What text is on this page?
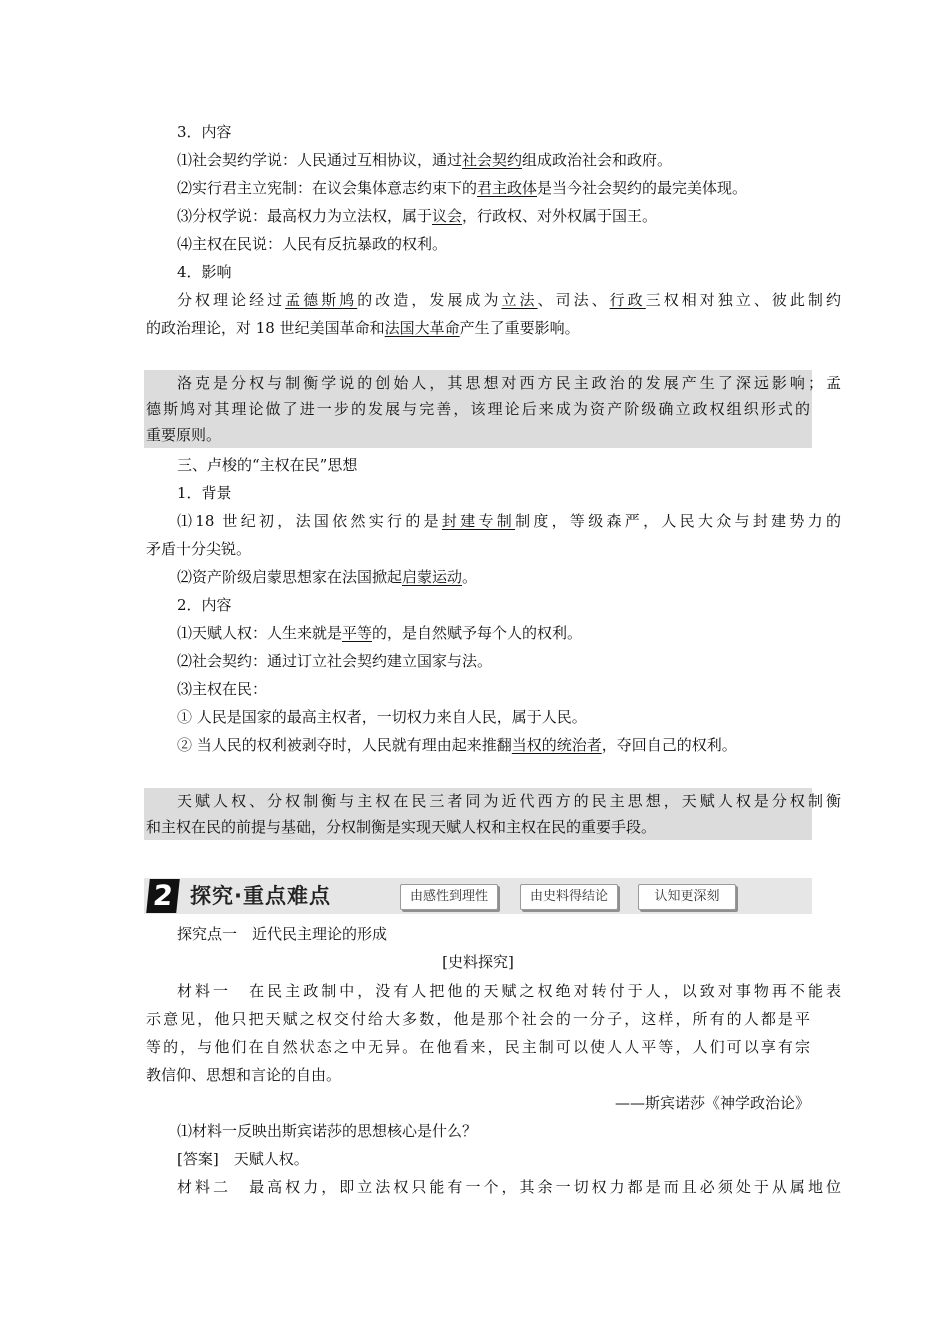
3．内容
⑴社会契约学说：人民通过互相协议，通过社会契约组成政治社会和政府。
⑵实行君主立宪制：在议会集体意志约束下的君主政体是当今社会契约的最完美体现。
⑶分权学说：最高权力为立法权，属于议会，行政权、对外权属于国王。
⑷主权在民说：人民有反抗暴政的权利。
4．影响
分权理论经过孟德斯鸠的改造，发展成为立法、司法、行政三权相对独立、彼此制约
的政治理论，对 18 世纪美国革命和法国大革命产生了重要影响。
洛克是分权与制衡学说的创始人，其思想对西方民主政治的发展产生了深远影响；孟
德斯鸠对其理论做了进一步的发展与完善，该理论后来成为资产阶级确立政权组织形式的
重要原则。
三、卢梭的“主权在民”思想
1．背景
⑴18 世纪初，法国依然实行的是封建专制制度，等级森严，人民大众与封建势力的
矛盾十分尖锐。
⑵资产阶级启蒙思想家在法国掀起启蒙运动。
2．内容
⑴天赋人权：人生来就是平等的，是自然赋予每个人的权利。
⑵社会契约：通过订立社会契约建立国家与法。
⑶主权在民：
① 人民是国家的最高主权者，一切权力来自人民，属于人民。
② 当人民的权利被剥夺时，人民就有理由起来推翻当权的统治者，夺回自己的权利。
天赋人权、分权制衡与主权在民三者同为近代西方的民主思想，天赋人权是分权制衡
和主权在民的前提与基础，分权制衡是实现天赋人权和主权在民的重要手段。
2 探究·重点难点	由感性到理性	由史料得结论	认知更深刻
探究点一　近代民主理论的形成
[史料探究]
材料一　在民主政制中，没有人把他的天赋之权绝对转付于人，以致对事物再不能表
示意见，他只把天赋之权交付给大多数，他是那个社会的一分子，这样，所有的人都是平
等的，与他们在自然状态之中无异。在他看来，民主制可以使人人平等，人们可以享有宗
教信仰、思想和言论的自由。
——斯宾诺莎《神学政治论》
⑴材料一反映出斯宾诺莎的思想核心是什么？
[答案]　天赋人权。
材料二　最高权力，即立法权只能有一个，其余一切权力都是而且必须处于从属地位
